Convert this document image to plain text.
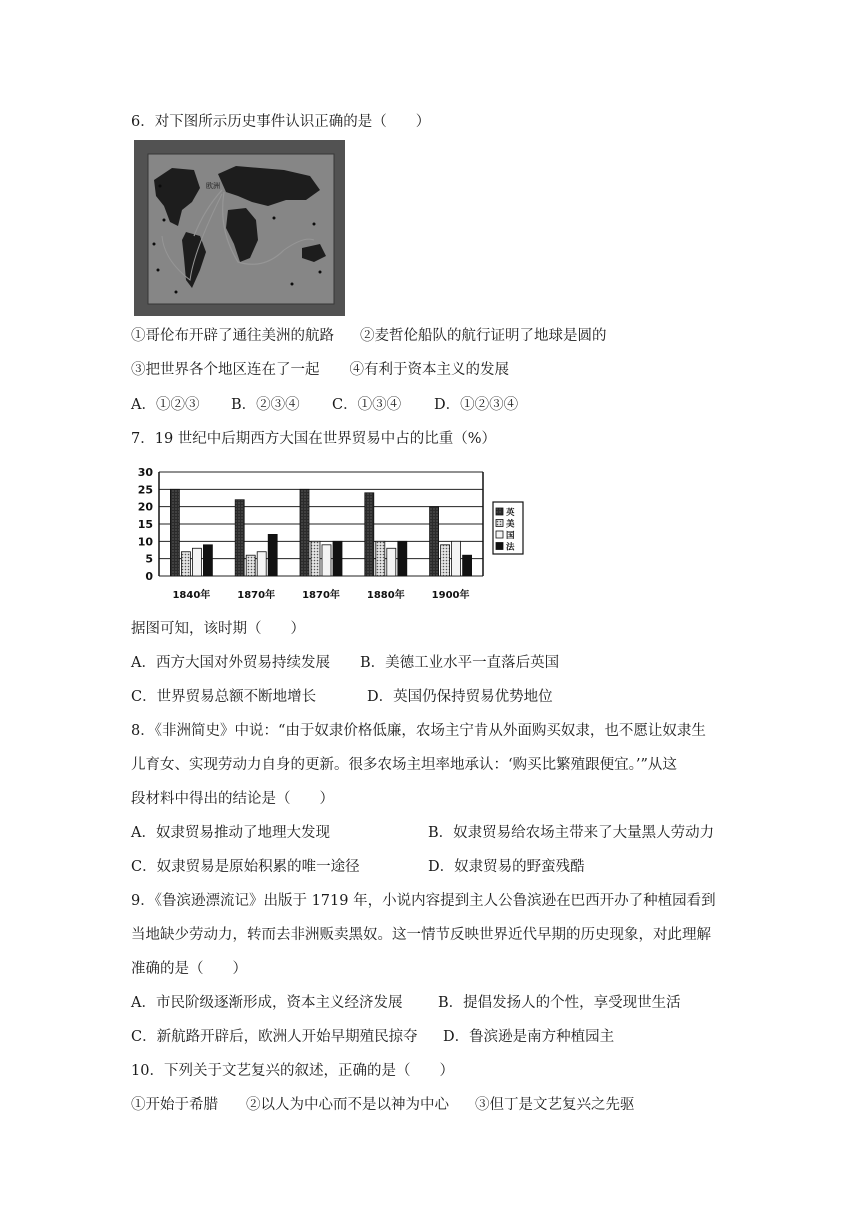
6．对下图所示历史事件认识正确的是（　　）
欧洲
①哥伦布开辟了通往美洲的航路 ②麦哲伦船队的航行证明了地球是圆的
③把世界各个地区连在了一起 ④有利于资本主义的发展
A．①②③ B．②③④ C．①③④ D．①②③④
7．19 世纪中后期西方大国在世界贸易中占的比重（%）
0
5
10
15
20
25
30
1840年	1870年	1870年	1880年	1900年
英
美
国
法
据图可知，该时期（　　）
A．西方大国对外贸易持续发展 B．美德工业水平一直落后英国
C．世界贸易总额不断地增长	D．英国仍保持贸易优势地位
8．《非洲简史》中说：“由于奴隶价格低廉，农场主宁肯从外面购买奴隶，也不愿让奴隶生
儿育女、实现劳动力自身的更新。很多农场主坦率地承认：‘购买比繁殖跟便宜。’”从这
段材料中得出的结论是（　　）
A．奴隶贸易推动了地理大发现	B．奴隶贸易给农场主带来了大量黑人劳动力
C．奴隶贸易是原始积累的唯一途径	D．奴隶贸易的野蛮残酷
9．《鲁滨逊漂流记》出版于 1719 年，小说内容提到主人公鲁滨逊在巴西开办了种植园看到
当地缺少劳动力，转而去非洲贩卖黑奴。这一情节反映世界近代早期的历史现象，对此理解
准确的是（　　）
A．市民阶级逐渐形成，资本主义经济发展 B．提倡发扬人的个性，享受现世生活
C．新航路开辟后，欧洲人开始早期殖民掠夺 D．鲁滨逊是南方种植园主
10．下列关于文艺复兴的叙述，正确的是（　　）
①开始于希腊 ②以人为中心而不是以神为中心 ③但丁是文艺复兴之先驱
